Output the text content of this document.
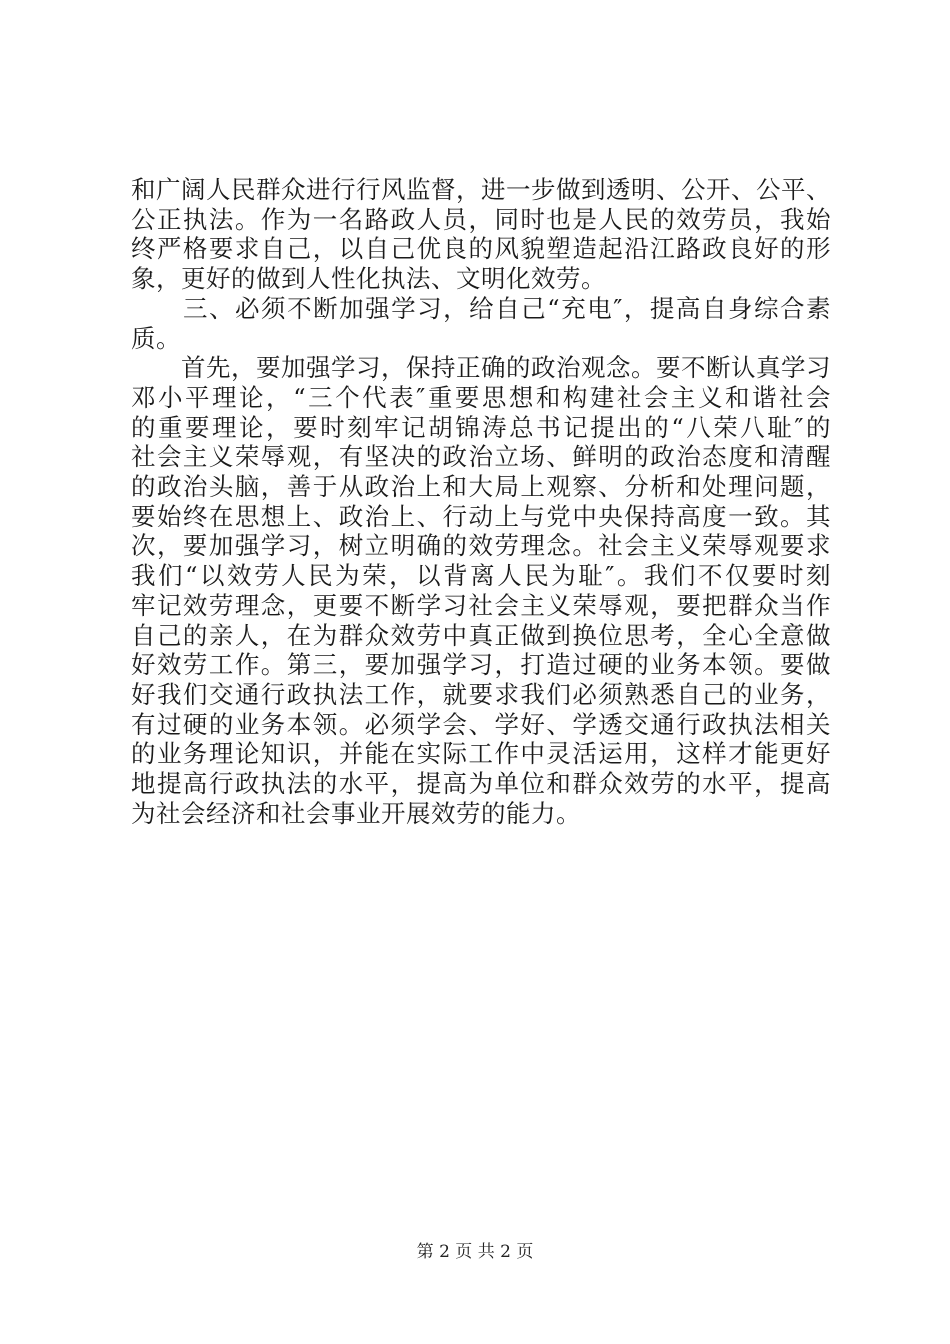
和广阔人民群众进行行风监督，进一步做到透明、公开、公平、
公正执法。作为一名路政人员，同时也是人民的效劳员，我始
终严格要求自己，以自己优良的风貌塑造起沿江路政良好的形
象，更好的做到人性化执法、文明化效劳。
　　三、必须不断加强学习，给自己“充电″，提高自身综合素
质。
　　首先，要加强学习，保持正确的政治观念。要不断认真学习
邓小平理论，“三个代表″重要思想和构建社会主义和谐社会
的重要理论，要时刻牢记胡锦涛总书记提出的“八荣八耻″的
社会主义荣辱观，有坚决的政治立场、鲜明的政治态度和清醒
的政治头脑，善于从政治上和大局上观察、分析和处理问题，
要始终在思想上、政治上、行动上与党中央保持高度一致。其
次，要加强学习，树立明确的效劳理念。社会主义荣辱观要求
我们“以效劳人民为荣，以背离人民为耻″。我们不仅要时刻
牢记效劳理念，更要不断学习社会主义荣辱观，要把群众当作
自己的亲人，在为群众效劳中真正做到换位思考，全心全意做
好效劳工作。第三，要加强学习，打造过硬的业务本领。要做
好我们交通行政执法工作，就要求我们必须熟悉自己的业务，
有过硬的业务本领。必须学会、学好、学透交通行政执法相关
的业务理论知识，并能在实际工作中灵活运用，这样才能更好
地提高行政执法的水平，提高为单位和群众效劳的水平，提高
为社会经济和社会事业开展效劳的能力。
第 2 页 共 2 页
